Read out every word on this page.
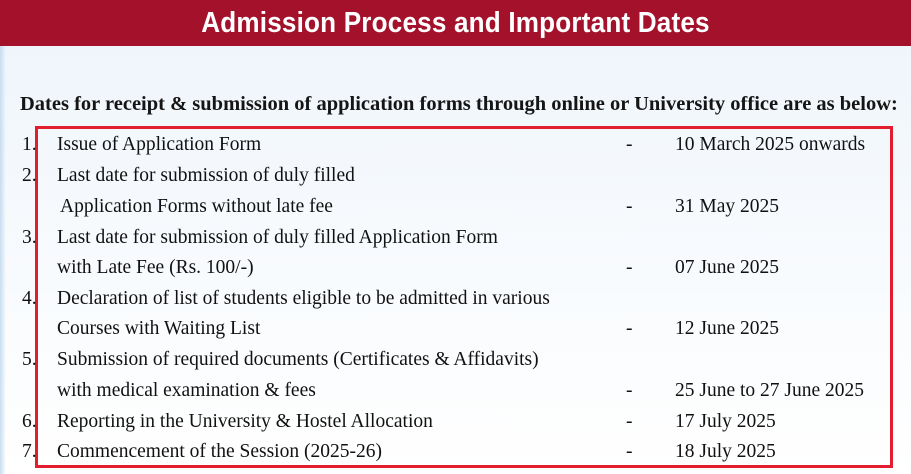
Admission Process and Important Dates
Dates for receipt & submission of application forms through online or University office are as below:
1. Issue of Application Form	- 10 March 2025 onwards
2. Last date for submission of duly filled
Application Forms without late fee	- 31 May 2025
3. Last date for submission of duly filled Application Form
with Late Fee (Rs. 100/-)	- 07 June 2025
4. Declaration of list of students eligible to be admitted in various
Courses with Waiting List	- 12 June 2025
5. Submission of required documents (Certificates & Affidavits)
with medical examination & fees	- 25 June to 27 June 2025
6. Reporting in the University & Hostel Allocation	- 17 July 2025
7. Commencement of the Session (2025-26)	- 18 July 2025
